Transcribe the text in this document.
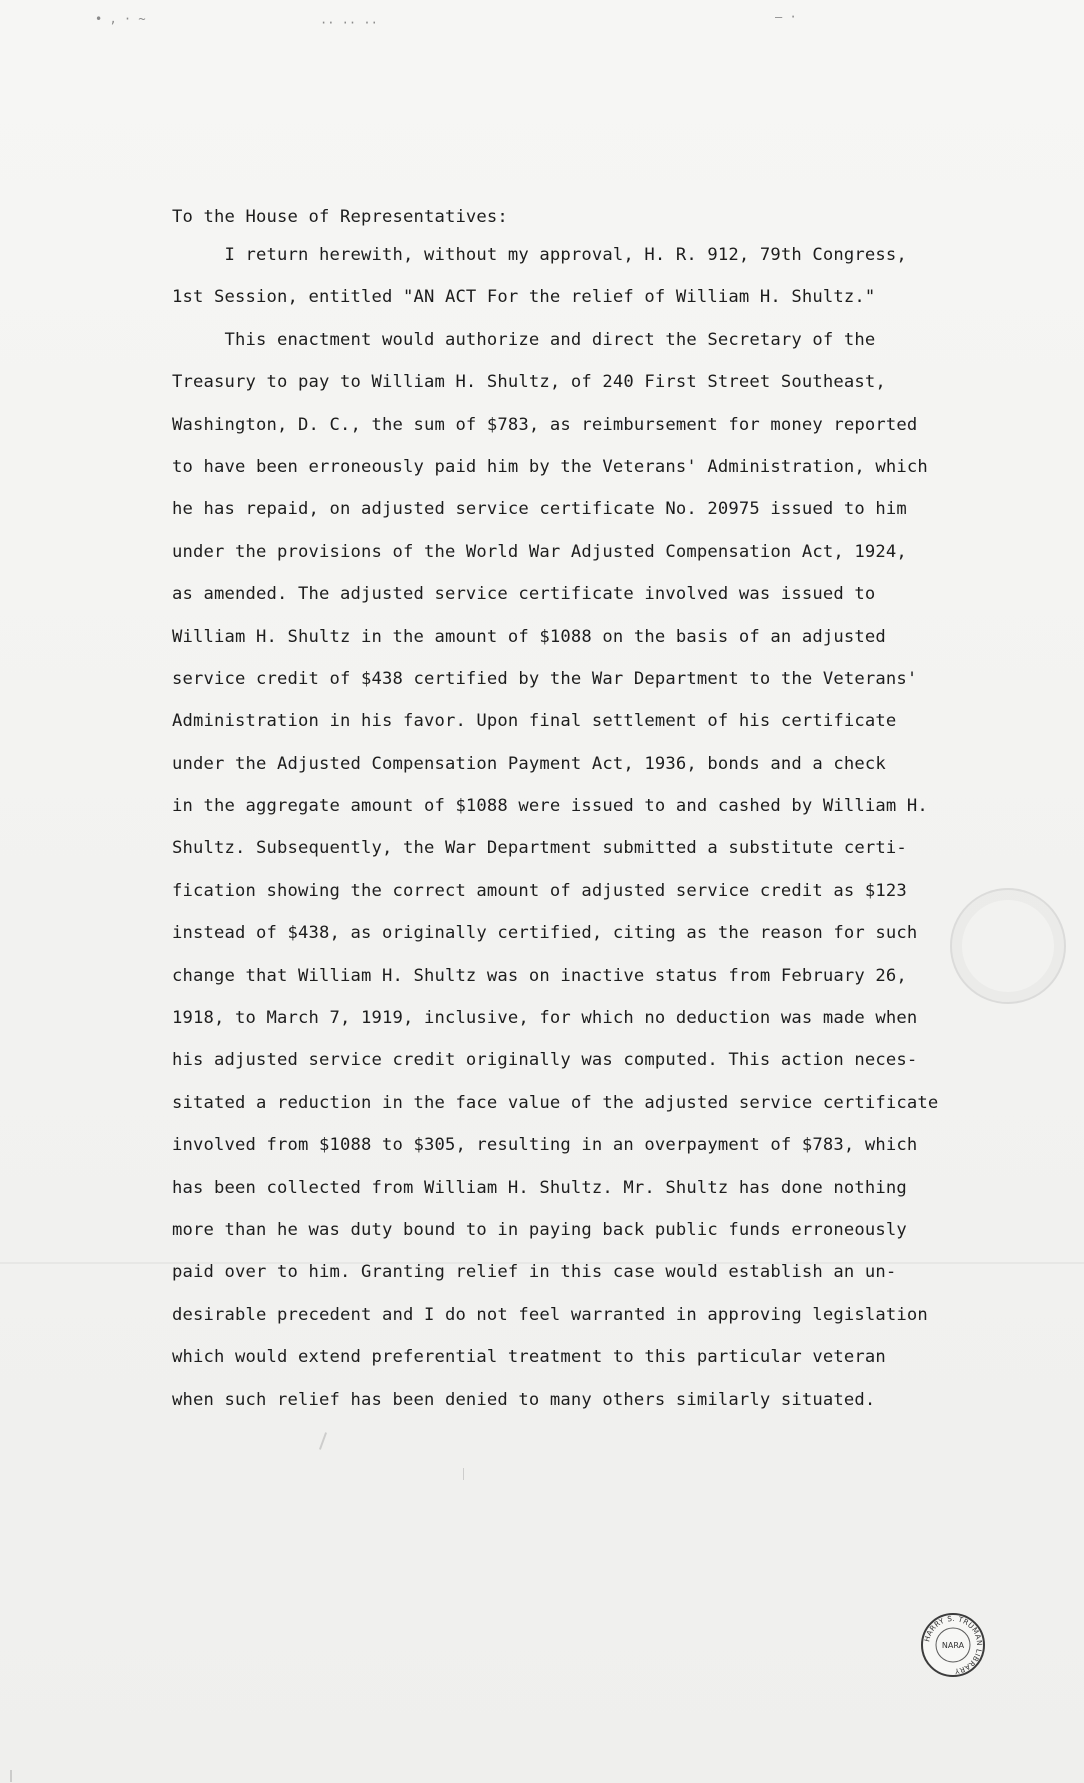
• , · ~	·· ·· ··	– ·
To the House of Representatives:
I return herewith, without my approval, H. R. 912, 79th Congress,
1st Session, entitled "AN ACT For the relief of William H. Shultz."
This enactment would authorize and direct the Secretary of the
Treasury to pay to William H. Shultz, of 240 First Street Southeast,
Washington, D. C., the sum of $783, as reimbursement for money reported
to have been erroneously paid him by the Veterans' Administration, which
he has repaid, on adjusted service certificate No. 20975 issued to him
under the provisions of the World War Adjusted Compensation Act, 1924,
as amended. The adjusted service certificate involved was issued to
William H. Shultz in the amount of $1088 on the basis of an adjusted
service credit of $438 certified by the War Department to the Veterans'
Administration in his favor. Upon final settlement of his certificate
under the Adjusted Compensation Payment Act, 1936, bonds and a check
in the aggregate amount of $1088 were issued to and cashed by William H.
Shultz. Subsequently, the War Department submitted a substitute certi-
fication showing the correct amount of adjusted service credit as $123
instead of $438, as originally certified, citing as the reason for such
change that William H. Shultz was on inactive status from February 26,
1918, to March 7, 1919, inclusive, for which no deduction was made when
his adjusted service credit originally was computed. This action neces-
sitated a reduction in the face value of the adjusted service certificate
involved from $1088 to $305, resulting in an overpayment of $783, which
has been collected from William H. Shultz. Mr. Shultz has done nothing
more than he was duty bound to in paying back public funds erroneously
paid over to him. Granting relief in this case would establish an un-
desirable precedent and I do not feel warranted in approving legislation
which would extend preferential treatment to this particular veteran
when such relief has been denied to many others similarly situated.
HARRY S. TRUMAN LIBRARY
NARA
